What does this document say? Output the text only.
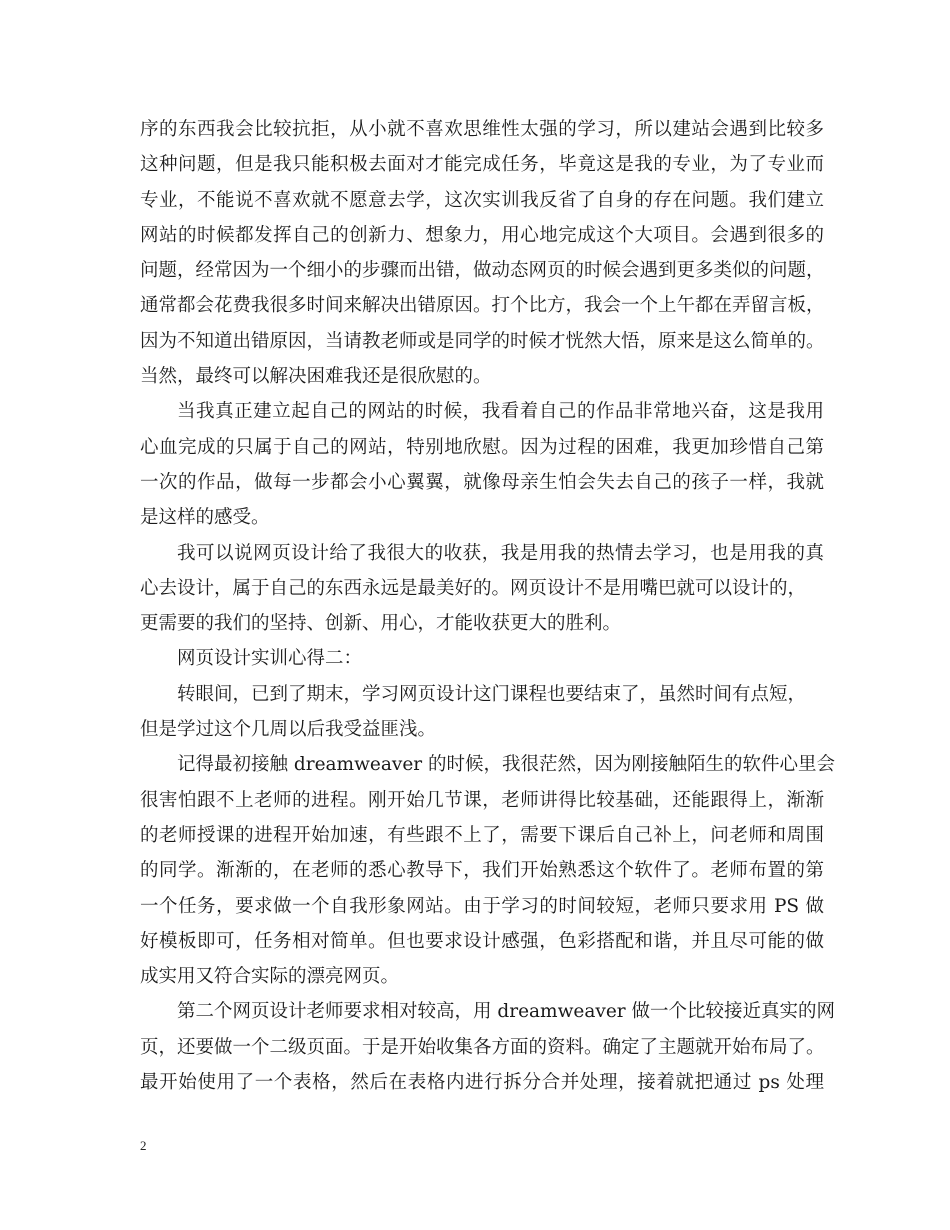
序的东西我会比较抗拒，从小就不喜欢思维性太强的学习，所以建站会遇到比较多
这种问题，但是我只能积极去面对才能完成任务，毕竟这是我的专业，为了专业而
专业，不能说不喜欢就不愿意去学，这次实训我反省了自身的存在问题。我们建立
网站的时候都发挥自己的创新力、想象力，用心地完成这个大项目。会遇到很多的
问题，经常因为一个细小的步骤而出错，做动态网页的时候会遇到更多类似的问题，
通常都会花费我很多时间来解决出错原因。打个比方，我会一个上午都在弄留言板，
因为不知道出错原因，当请教老师或是同学的时候才恍然大悟，原来是这么简单的。
当然，最终可以解决困难我还是很欣慰的。
当我真正建立起自己的网站的时候，我看着自己的作品非常地兴奋，这是我用
心血完成的只属于自己的网站，特别地欣慰。因为过程的困难，我更加珍惜自己第
一次的作品，做每一步都会小心翼翼，就像母亲生怕会失去自己的孩子一样，我就
是这样的感受。
我可以说网页设计给了我很大的收获，我是用我的热情去学习，也是用我的真
心去设计，属于自己的东西永远是最美好的。网页设计不是用嘴巴就可以设计的，
更需要的我们的坚持、创新、用心，才能收获更大的胜利。
网页设计实训心得二：
转眼间，已到了期末，学习网页设计这门课程也要结束了，虽然时间有点短，
但是学过这个几周以后我受益匪浅。
记得最初接触 dreamweaver 的时候，我很茫然，因为刚接触陌生的软件心里会
很害怕跟不上老师的进程。刚开始几节课，老师讲得比较基础，还能跟得上，渐渐
的老师授课的进程开始加速，有些跟不上了，需要下课后自己补上，问老师和周围
的同学。渐渐的，在老师的悉心教导下，我们开始熟悉这个软件了。老师布置的第
一个任务，要求做一个自我形象网站。由于学习的时间较短，老师只要求用 PS 做
好模板即可，任务相对简单。但也要求设计感强，色彩搭配和谐，并且尽可能的做
成实用又符合实际的漂亮网页。
第二个网页设计老师要求相对较高，用 dreamweaver 做一个比较接近真实的网
页，还要做一个二级页面。于是开始收集各方面的资料。确定了主题就开始布局了。
最开始使用了一个表格，然后在表格内进行拆分合并处理，接着就把通过 ps 处理
2
